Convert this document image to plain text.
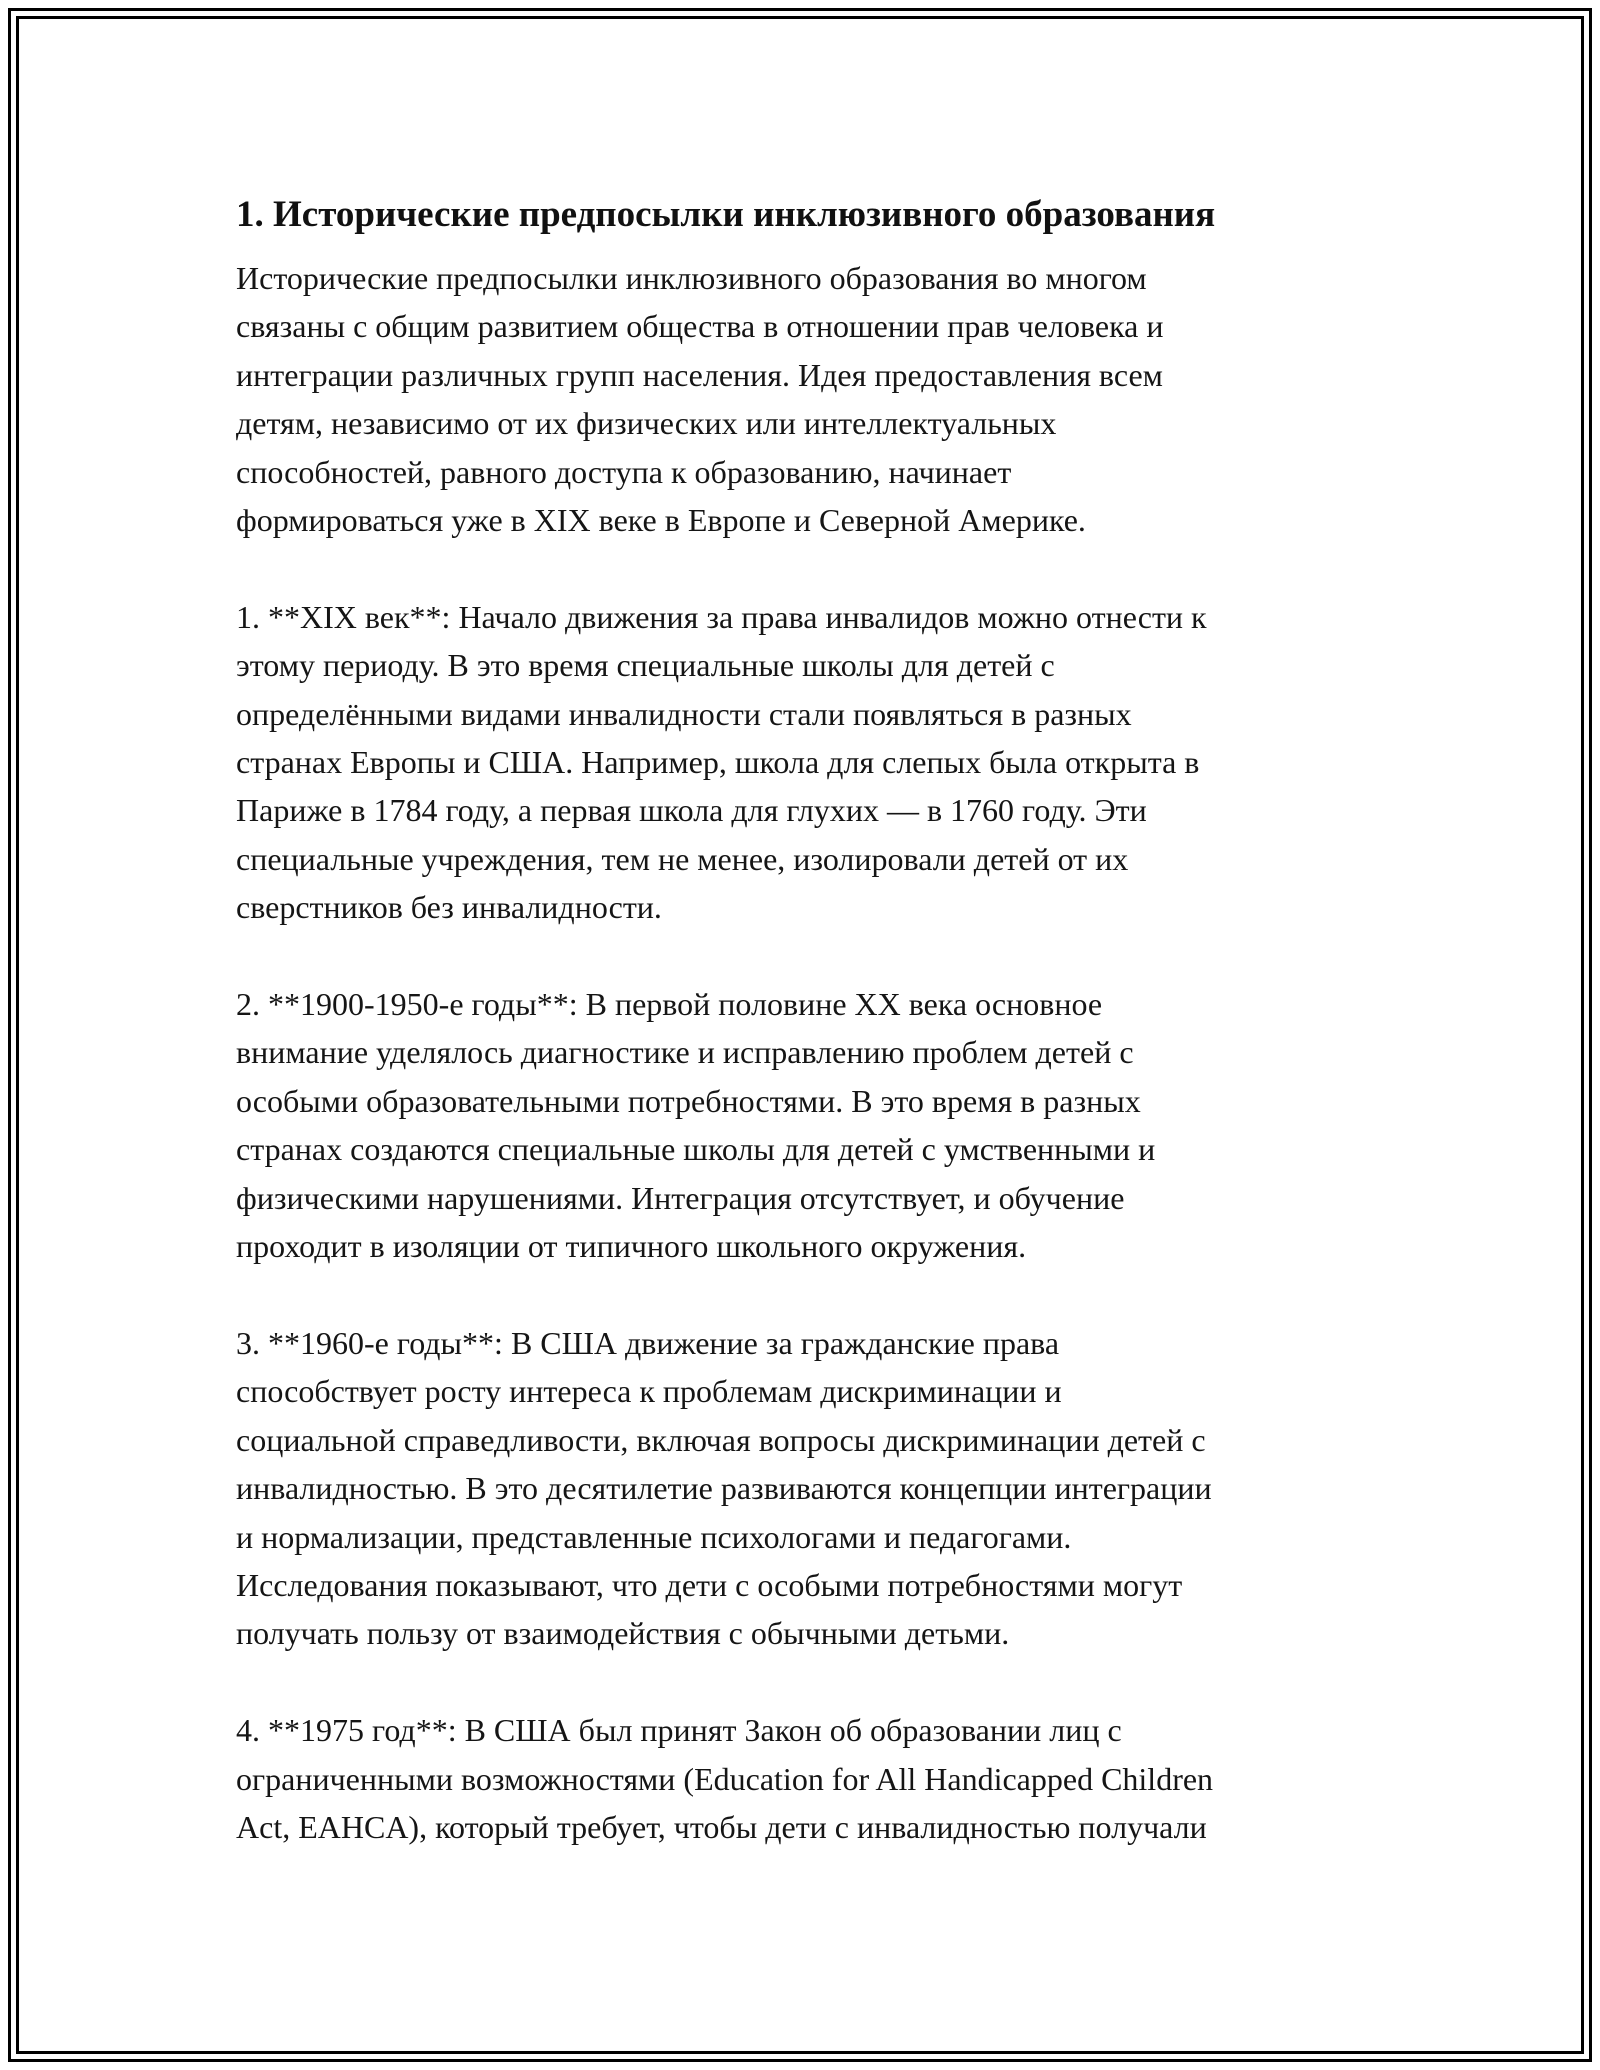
1. Исторические предпосылки инклюзивного образования

Исторические предпосылки инклюзивного образования во многом
связаны с общим развитием общества в отношении прав человека и
интеграции различных групп населения. Идея предоставления всем
детям, независимо от их физических или интеллектуальных
способностей, равного доступа к образованию, начинает
формироваться уже в XIX веке в Европе и Северной Америке.

1. **XIX век**: Начало движения за права инвалидов можно отнести к
этому периоду. В это время специальные школы для детей с
определёнными видами инвалидности стали появляться в разных
странах Европы и США. Например, школа для слепых была открыта в
Париже в 1784 году, а первая школа для глухих — в 1760 году. Эти
специальные учреждения, тем не менее, изолировали детей от их
сверстников без инвалидности.

2. **1900-1950-е годы**: В первой половине XX века основное
внимание уделялось диагностике и исправлению проблем детей с
особыми образовательными потребностями. В это время в разных
странах создаются специальные школы для детей с умственными и
физическими нарушениями. Интеграция отсутствует, и обучение
проходит в изоляции от типичного школьного окружения.

3. **1960-е годы**: В США движение за гражданские права
способствует росту интереса к проблемам дискриминации и
социальной справедливости, включая вопросы дискриминации детей с
инвалидностью. В это десятилетие развиваются концепции интеграции
и нормализации, представленные психологами и педагогами.
Исследования показывают, что дети с особыми потребностями могут
получать пользу от взаимодействия с обычными детьми.

4. **1975 год**: В США был принят Закон об образовании лиц с
ограниченными возможностями (Education for All Handicapped Children
Act, EAHCA), который требует, чтобы дети с инвалидностью получали
